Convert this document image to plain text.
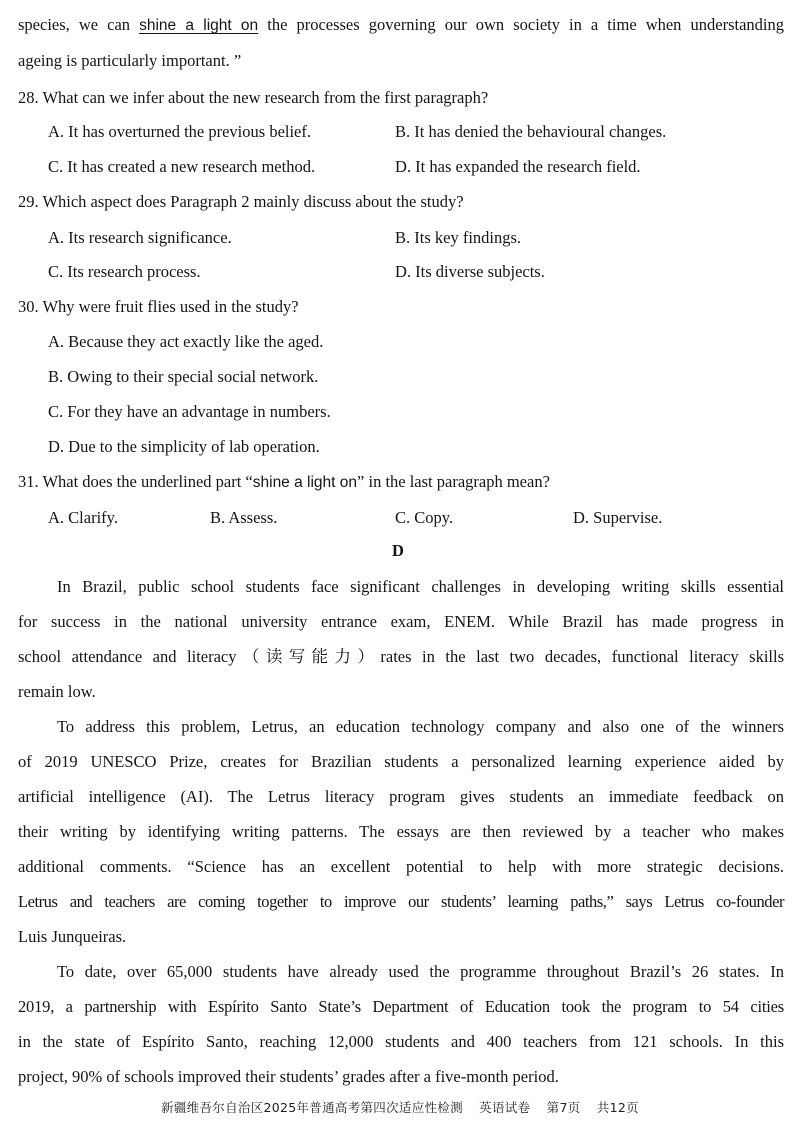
species, we can shine a light on the processes governing our own society in a time when understanding
ageing is particularly important. ”
28. What can we infer about the new research from the first paragraph?
A. It has overturned the previous belief.	B. It has denied the behavioural changes.
C. It has created a new research method.	D. It has expanded the research field.
29. Which aspect does Paragraph 2 mainly discuss about the study?
A. Its research significance.	B. Its key findings.
C. Its research process.	D. Its diverse subjects.
30. Why were fruit flies used in the study?
A. Because they act exactly like the aged.
B. Owing to their special social network.
C. For they have an advantage in numbers.
D. Due to the simplicity of lab operation.
31. What does the underlined part “shine a light on” in the last paragraph mean?
A. Clarify.	B. Assess.	C. Copy.	D. Supervise.
D
In Brazil, public school students face significant challenges in developing writing skills essential
for success in the national university entrance exam, ENEM. While Brazil has made progress in
school attendance and literacy（读写能力）rates in the last two decades, functional literacy skills
remain low.
To address this problem, Letrus, an education technology company and also one of the winners
of 2019 UNESCO Prize, creates for Brazilian students a personalized learning experience aided by
artificial intelligence (AI). The Letrus literacy program gives students an immediate feedback on
their writing by identifying writing patterns. The essays are then reviewed by a teacher who makes
additional comments. “Science has an excellent potential to help with more strategic decisions.
Letrus and teachers are coming together to improve our students’ learning paths,” says Letrus co-founder
Luis Junqueiras.
To date, over 65,000 students have already used the programme throughout Brazil’s 26 states. In
2019, a partnership with Espírito Santo State’s Department of Education took the program to 54 cities
in the state of Espírito Santo, reaching 12,000 students and 400 teachers from 121 schools. In this
project, 90% of schools improved their students’ grades after a five-month period.
新疆维吾尔自治区2025年普通高考第四次适应性检测 英语试卷 第7页 共12页
